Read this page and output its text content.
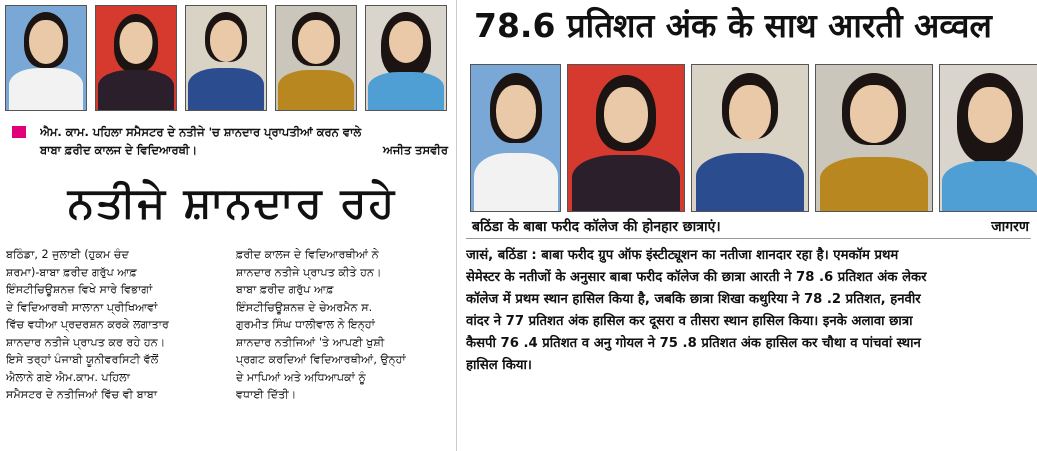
ਐਮ. ਕਾਮ. ਪਹਿਲਾ ਸਮੈਸਟਰ ਦੇ ਨਤੀਜੇ 'ਚ ਸ਼ਾਨਦਾਰ ਪ੍ਰਾਪਤੀਆਂ ਕਰਨ ਵਾਲੇ
ਬਾਬਾ ਫ਼ਰੀਦ ਕਾਲਜ ਦੇ ਵਿਦਿਆਰਥੀ।	ਅਜੀਤ ਤਸਵੀਰ
ਨਤੀਜੇ ਸ਼ਾਨਦਾਰ ਰਹੇ
ਬਠਿੰਡਾ, 2 ਜੁਲਾਈ (ਹੁਕਮ ਚੰਦ
ਸ਼ਰਮਾ)-ਬਾਬਾ ਫ਼ਰੀਦ ਗਰੁੱਪ ਆਫ਼
ਇੰਸਟੀਚਿਊਸ਼ਨਜ਼ ਵਿਖੇ ਸਾਰੇ ਵਿਭਾਗਾਂ
ਦੇ ਵਿਦਿਆਰਥੀ ਸਾਲਾਨਾ ਪ੍ਰੀਖਿਆਵਾਂ
ਵਿੱਚ ਵਧੀਆ ਪ੍ਰਦਰਸ਼ਨ ਕਰਕੇ ਲਗਾਤਾਰ
ਸ਼ਾਨਦਾਰ ਨਤੀਜੇ ਪ੍ਰਾਪਤ ਕਰ ਰਹੇ ਹਨ।
ਇਸੇ ਤਰ੍ਹਾਂ ਪੰਜਾਬੀ ਯੂਨੀਵਰਸਿਟੀ ਵੱਲੋਂ
ਐਲਾਨੇ ਗਏ ਐਮ.ਕਾਮ. ਪਹਿਲਾ
ਸਮੈਸਟਰ ਦੇ ਨਤੀਜਿਆਂ ਵਿੱਚ ਵੀ ਬਾਬਾ
ਫ਼ਰੀਦ ਕਾਲਜ ਦੇ ਵਿਦਿਆਰਥੀਆਂ ਨੇ
ਸ਼ਾਨਦਾਰ ਨਤੀਜੇ ਪ੍ਰਾਪਤ ਕੀਤੇ ਹਨ।
ਬਾਬਾ ਫ਼ਰੀਦ ਗਰੁੱਪ ਆਫ਼
ਇੰਸਟੀਚਿਊਸ਼ਨਜ਼ ਦੇ ਚੇਅਰਮੈਨ ਸ.
ਗੁਰਮੀਤ ਸਿੰਘ ਧਾਲੀਵਾਲ ਨੇ ਇਨ੍ਹਾਂ
ਸ਼ਾਨਦਾਰ ਨਤੀਜਿਆਂ 'ਤੇ ਆਪਣੀ ਖੁਸ਼ੀ
ਪ੍ਰਗਟ ਕਰਦਿਆਂ ਵਿਦਿਆਰਥੀਆਂ, ਉਨ੍ਹਾਂ
ਦੇ ਮਾਪਿਆਂ ਅਤੇ ਅਧਿਆਪਕਾਂ ਨੂੰ
ਵਧਾਈ ਦਿੱਤੀ।
78.6 प्रतिशत अंक के साथ आरती अव्वल
बठिंडा के बाबा फरीद कॉलेज की होनहार छात्राएं।	जागरण
जासं, बठिंडा : बाबा फरीद ग्रुप ऑफ इंस्टीट्यूशन का नतीजा शानदार रहा है। एमकॉम प्रथम
सेमेस्टर के नतीजों के अनुसार बाबा फरीद कॉलेज की छात्रा आरती ने 78 .6 प्रतिशत अंक लेकर
कॉलेज में प्रथम स्थान हासिल किया है, जबकि छात्रा शिखा कथुरिया ने 78 .2 प्रतिशत, हनवीर
वांदर ने 77 प्रतिशत अंक हासिल कर दूसरा व तीसरा स्थान हासिल किया। इनके अलावा छात्रा
कैसपी 76 .4 प्रतिशत व अनु गोयल ने 75 .8 प्रतिशत अंक हासिल कर चौथा व पांचवां स्थान
हासिल किया।
